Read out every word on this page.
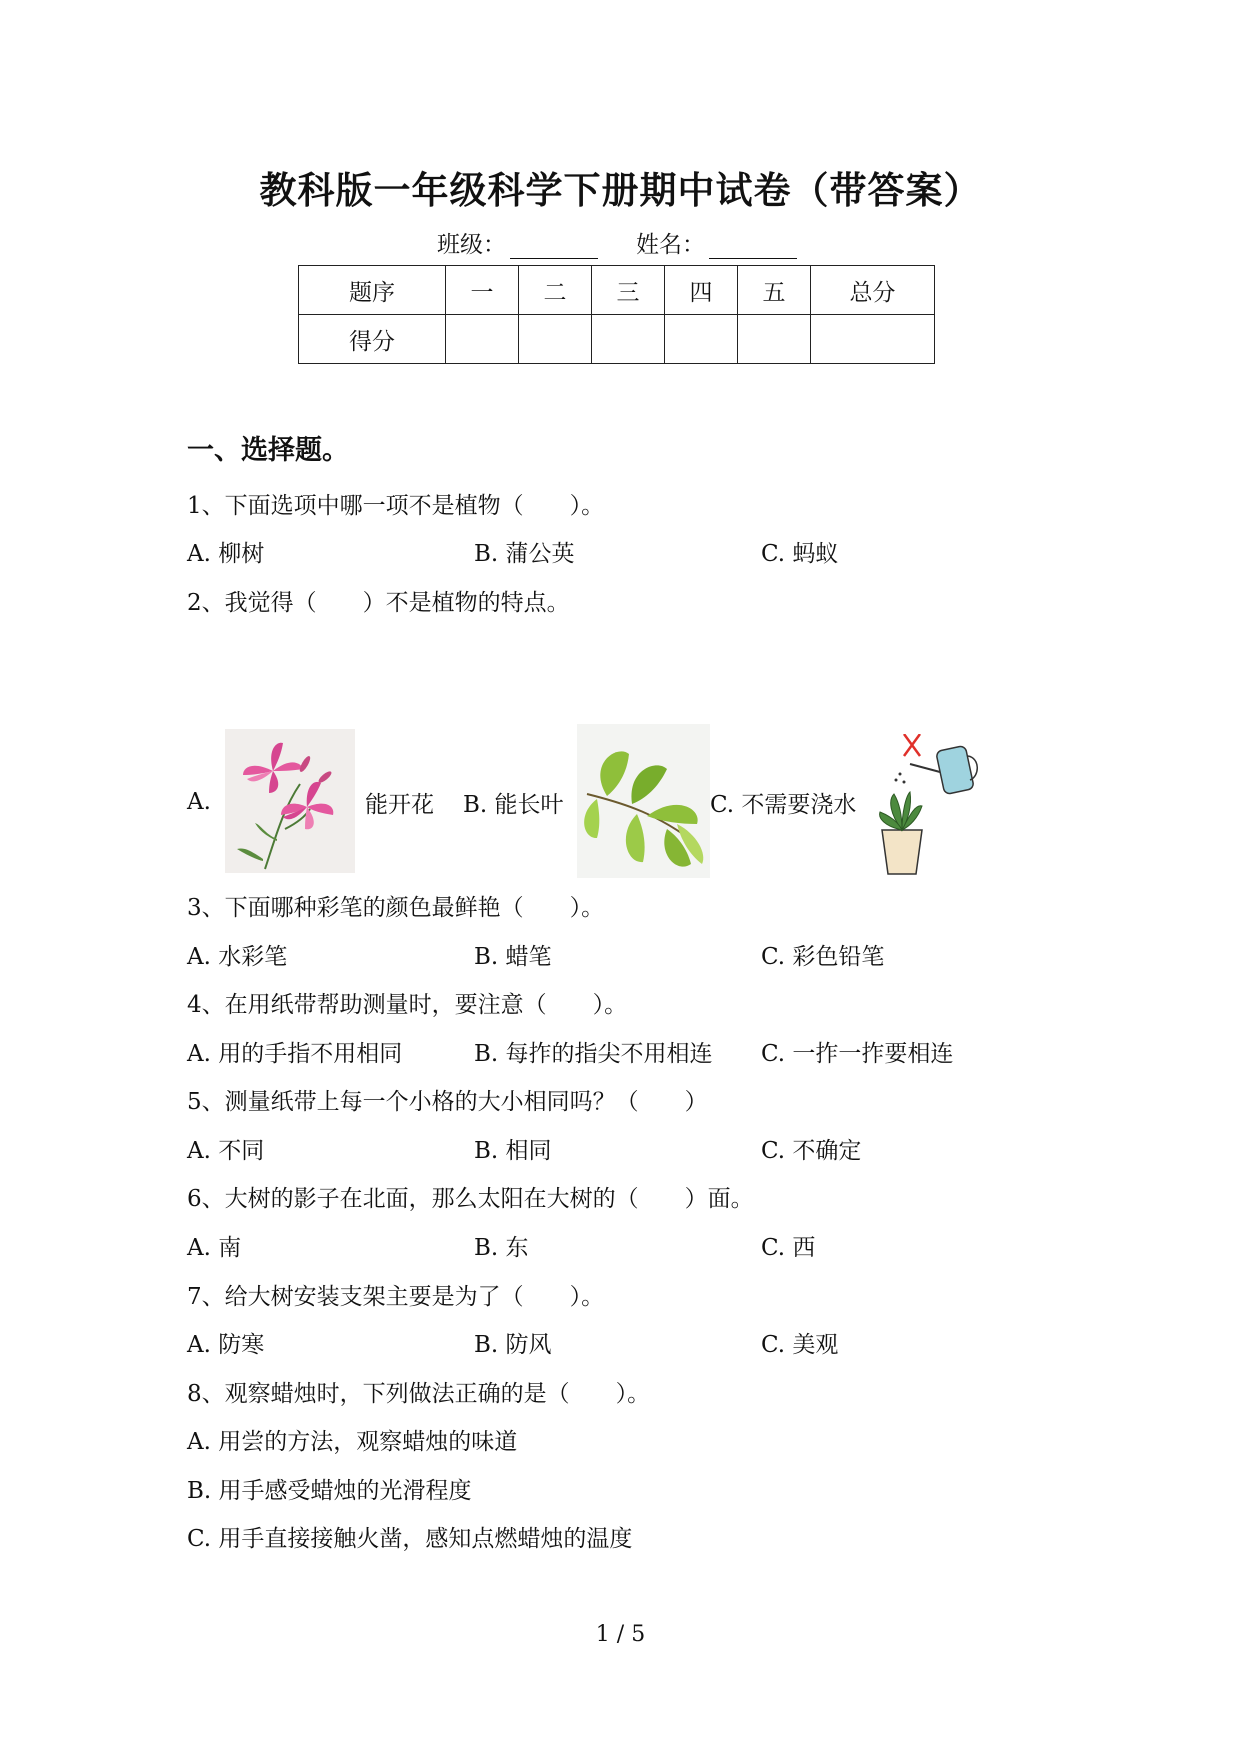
教科版一年级科学下册期中试卷（带答案）
班级：	姓名：
题序	一	二	三	四	五	总分
得分						
一、选择题。
1、下面选项中哪一项不是植物（　　）。
A. 柳树	B. 蒲公英	C. 蚂蚁
2、我觉得（　　）不是植物的特点。
A.	能开花 B. 能长叶	C. 不需要浇水
3、下面哪种彩笔的颜色最鲜艳（　　）。
A. 水彩笔	B. 蜡笔	C. 彩色铅笔
4、在用纸带帮助测量时，要注意（　　）。
A. 用的手指不用相同	B. 每拃的指尖不用相连 C. 一拃一拃要相连
5、测量纸带上每一个小格的大小相同吗？（　　）
A. 不同	B. 相同	C. 不确定
6、大树的影子在北面，那么太阳在大树的（　　）面。
A. 南	B. 东	C. 西
7、给大树安装支架主要是为了（　　）。
A. 防寒	B. 防风	C. 美观
8、观察蜡烛时，下列做法正确的是（　　）。
A. 用尝的方法，观察蜡烛的味道
B. 用手感受蜡烛的光滑程度
C. 用手直接接触火凿，感知点燃蜡烛的温度
1 / 5
